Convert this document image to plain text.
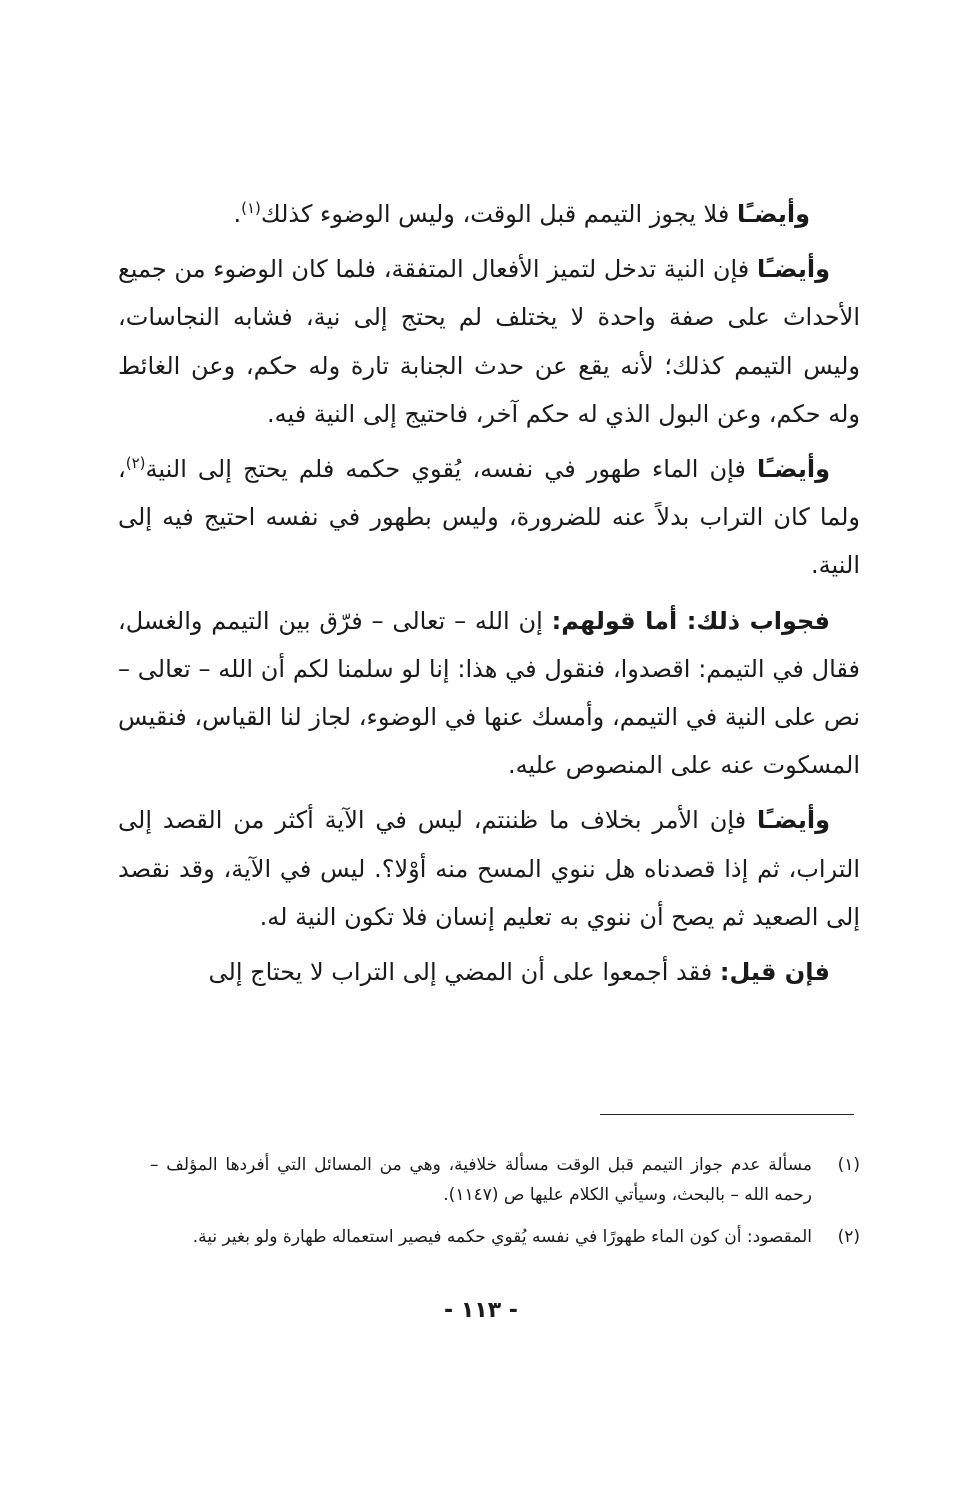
وأيضـًا فلا يجوز التيمم قبل الوقت، وليس الوضوء كذلك$^{(١)}$.

وأيضـًا فإن النية تدخل لتميز الأفعال المتفقة، فلما كان الوضوء من جميع الأحداث على صفة واحدة لا يختلف لم يحتج إلى نية، فشابه النجاسات، وليس التيمم كذلك؛ لأنه يقع عن حدث الجنابة تارة وله حكم، وعن الغائط وله حكم، وعن البول الذي له حكم آخر، فاحتيج إلى النية فيه.

وأيضـًا فإن الماء طهور في نفسه، يُقوي حكمه فلم يحتج إلى النية$^{(٢)}$، ولما كان التراب بدلاً عنه للضرورة، وليس بطهور في نفسه احتيج فيه إلى النية.

فجواب ذلك: أما قولهم: إن الله – تعالى – فرّق بين التيمم والغسل، فقال في التيمم: اقصدوا، فنقول في هذا: إنا لو سلمنا لكم أن الله – تعالى – نص على النية في التيمم، وأمسك عنها في الوضوء، لجاز لنا القياس، فنقيس المسكوت عنه على المنصوص عليه.

وأيضـًا فإن الأمر بخلاف ما ظننتم، ليس في الآية أكثر من القصد إلى التراب، ثم إذا قصدناه هل ننوي المسح منه أوْلا؟. ليس في الآية، وقد نقصد إلى الصعيد ثم يصح أن ننوي به تعليم إنسان فلا تكون النية له.

فإن قيل: فقد أجمعوا على أن المضي إلى التراب لا يحتاج إلى

(١)
مسألة عدم جواز التيمم قبل الوقت مسألة خلافية، وهي من المسائل التي أفردها المؤلف – رحمه الله – بالبحث، وسيأتي الكلام عليها ص (١١٤٧).
(٢)
المقصود: أن كون الماء طهورًا في نفسه يُقوي حكمه فيصير استعماله طهارة ولو بغير نية.
- ١١٣ -
